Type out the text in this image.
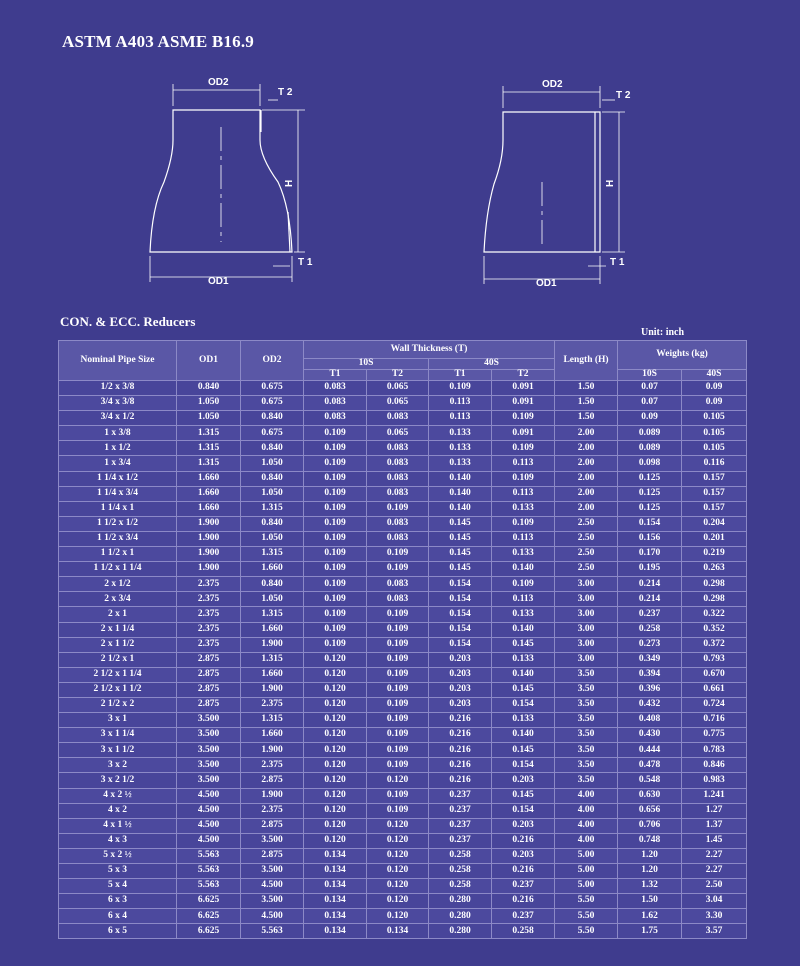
ASTM A403 ASME B16.9
OD2
T 2
H
OD1
T 1
OD2
T 2
H
OD1
T 1
CON. & ECC. Reducers
Unit: inch
Nominal Pipe Size	OD1	OD2	Wall Thickness (T)				Length (H)	Weights (kg)	
			10S		40S				
			T1	T2	T1	T2		10S	40S
1/2 x 3/8	0.840	0.675	0.083	0.065	0.109	0.091	1.50	0.07	0.09
3/4 x 3/8	1.050	0.675	0.083	0.065	0.113	0.091	1.50	0.07	0.09
3/4 x 1/2	1.050	0.840	0.083	0.083	0.113	0.109	1.50	0.09	0.105
1 x 3/8	1.315	0.675	0.109	0.065	0.133	0.091	2.00	0.089	0.105
1 x 1/2	1.315	0.840	0.109	0.083	0.133	0.109	2.00	0.089	0.105
1 x 3/4	1.315	1.050	0.109	0.083	0.133	0.113	2.00	0.098	0.116
1 1/4 x 1/2	1.660	0.840	0.109	0.083	0.140	0.109	2.00	0.125	0.157
1 1/4 x 3/4	1.660	1.050	0.109	0.083	0.140	0.113	2.00	0.125	0.157
1 1/4 x 1	1.660	1.315	0.109	0.109	0.140	0.133	2.00	0.125	0.157
1 1/2 x 1/2	1.900	0.840	0.109	0.083	0.145	0.109	2.50	0.154	0.204
1 1/2 x 3/4	1.900	1.050	0.109	0.083	0.145	0.113	2.50	0.156	0.201
1 1/2 x 1	1.900	1.315	0.109	0.109	0.145	0.133	2.50	0.170	0.219
1 1/2 x 1 1/4	1.900	1.660	0.109	0.109	0.145	0.140	2.50	0.195	0.263
2 x 1/2	2.375	0.840	0.109	0.083	0.154	0.109	3.00	0.214	0.298
2 x 3/4	2.375	1.050	0.109	0.083	0.154	0.113	3.00	0.214	0.298
2 x 1	2.375	1.315	0.109	0.109	0.154	0.133	3.00	0.237	0.322
2 x 1 1/4	2.375	1.660	0.109	0.109	0.154	0.140	3.00	0.258	0.352
2 x 1 1/2	2.375	1.900	0.109	0.109	0.154	0.145	3.00	0.273	0.372
2 1/2 x 1	2.875	1.315	0.120	0.109	0.203	0.133	3.00	0.349	0.793
2 1/2 x 1 1/4	2.875	1.660	0.120	0.109	0.203	0.140	3.50	0.394	0.670
2 1/2 x 1 1/2	2.875	1.900	0.120	0.109	0.203	0.145	3.50	0.396	0.661
2 1/2 x 2	2.875	2.375	0.120	0.109	0.203	0.154	3.50	0.432	0.724
3 x 1	3.500	1.315	0.120	0.109	0.216	0.133	3.50	0.408	0.716
3 x 1 1/4	3.500	1.660	0.120	0.109	0.216	0.140	3.50	0.430	0.775
3 x 1 1/2	3.500	1.900	0.120	0.109	0.216	0.145	3.50	0.444	0.783
3 x 2	3.500	2.375	0.120	0.109	0.216	0.154	3.50	0.478	0.846
3 x 2 1/2	3.500	2.875	0.120	0.120	0.216	0.203	3.50	0.548	0.983
4 x 2 ½	4.500	1.900	0.120	0.109	0.237	0.145	4.00	0.630	1.241
4 x 2	4.500	2.375	0.120	0.109	0.237	0.154	4.00	0.656	1.27
4 x 1 ½	4.500	2.875	0.120	0.120	0.237	0.203	4.00	0.706	1.37
4 x 3	4.500	3.500	0.120	0.120	0.237	0.216	4.00	0.748	1.45
5 x 2 ½	5.563	2.875	0.134	0.120	0.258	0.203	5.00	1.20	2.27
5 x 3	5.563	3.500	0.134	0.120	0.258	0.216	5.00	1.20	2.27
5 x 4	5.563	4.500	0.134	0.120	0.258	0.237	5.00	1.32	2.50
6 x 3	6.625	3.500	0.134	0.120	0.280	0.216	5.50	1.50	3.04
6 x 4	6.625	4.500	0.134	0.120	0.280	0.237	5.50	1.62	3.30
6 x 5	6.625	5.563	0.134	0.134	0.280	0.258	5.50	1.75	3.57
